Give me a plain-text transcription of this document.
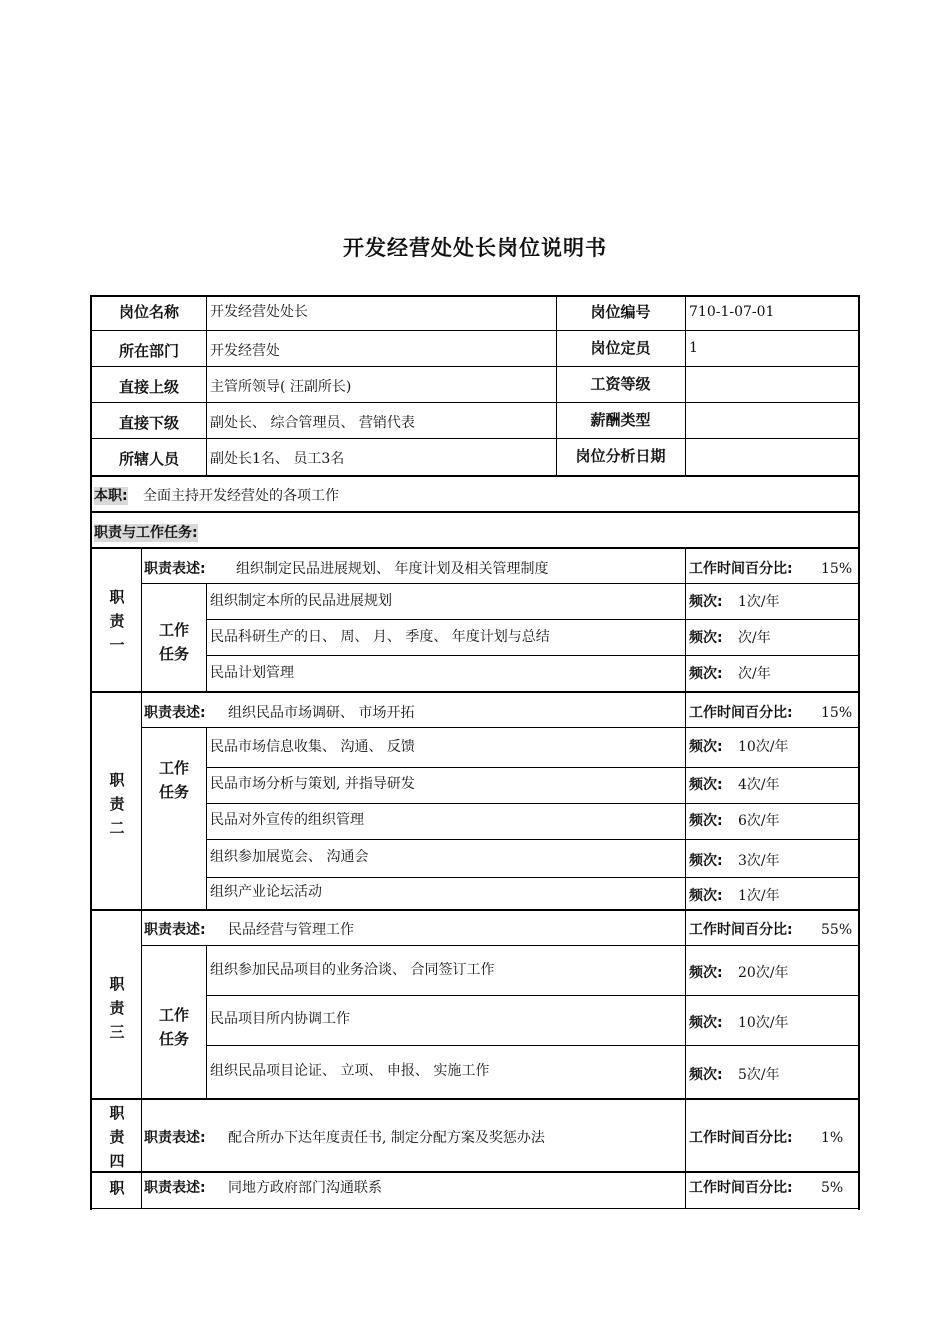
开发经营处处长岗位说明书
岗位名称	开发经营处处长	岗位编号	710-1-07-01
所在部门	开发经营处	岗位定员	1
直接上级	主管所领导( 汪副所长)	工资等级
直接下级	副处长、 综合管理员、 营销代表	薪酬类型
所辖人员	副处长1名、 员工3名	岗位分析日期
本职: 全面主持开发经营处的各项工作
职责与工作任务:
职
责
一
职责表述: 组织制定民品进展规划、 年度计划及相关管理制度	工作时间百分比: 15%
工作
任务
组织制定本所的民品进展规划	频次: 1次/年
民品科研生产的日、 周、 月、 季度、 年度计划与总结	频次: 次/年
民品计划管理	频次: 次/年
职
责
二
职责表述: 组织民品市场调研、 市场开拓	工作时间百分比: 15%
工作
任务
民品市场信息收集、 沟通、 反馈	频次: 10次/年
民品市场分析与策划, 并指导研发	频次: 4次/年
民品对外宣传的组织管理	频次: 6次/年
组织参加展览会、 沟通会	频次: 3次/年
组织产业论坛活动	频次: 1次/年
职
责
三
职责表述: 民品经营与管理工作	工作时间百分比: 55%
工作
任务
组织参加民品项目的业务洽谈、 合同签订工作	频次: 20次/年
民品项目所内协调工作	频次: 10次/年
组织民品项目论证、 立项、 申报、 实施工作	频次: 5次/年
职
责
四
职责表述: 配合所办下达年度责任书, 制定分配方案及奖惩办法	工作时间百分比: 1%
职	职责表述: 同地方政府部门沟通联系	工作时间百分比: 5%
